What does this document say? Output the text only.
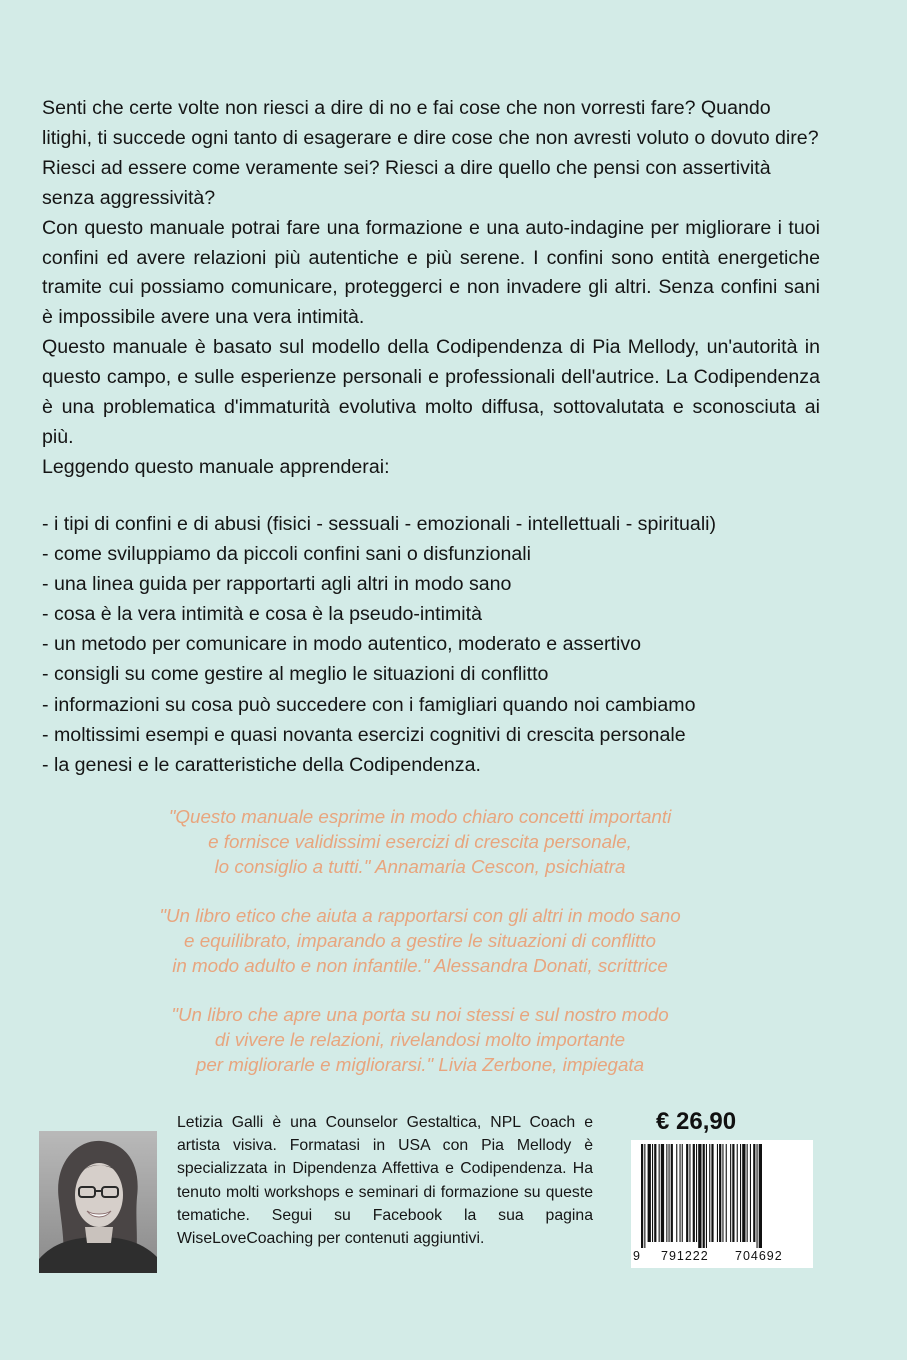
Senti che certe volte non riesci a dire di no e fai cose che non vorresti fare? Quando litighi, ti succede ogni tanto di esagerare e dire cose che non avresti voluto o dovuto dire? Riesci ad essere come veramente sei? Riesci a dire quello che pensi con assertività senza aggressività?

Con questo manuale potrai fare una formazione e una auto-indagine per migliorare i tuoi confini ed avere relazioni più autentiche e più serene. I confini sono entità energetiche tramite cui possiamo comunicare, proteggerci e non invadere gli altri. Senza confini sani è impossibile avere una vera intimità.

Questo manuale è basato sul modello della Codipendenza di Pia Mellody, un'autorità in questo campo, e sulle esperienze personali e professionali dell'autrice. La Codipendenza è una problematica d'immaturità evolutiva molto diffusa, sottovalutata e sconosciuta ai più.

Leggendo questo manuale apprenderai:

- i tipi di confini e di abusi (fisici - sessuali - emozionali - intellettuali - spirituali)
- come sviluppiamo da piccoli confini sani o disfunzionali
- una linea guida per rapportarti agli altri in modo sano
- cosa è la vera intimità e cosa è la pseudo-intimità
- un metodo per comunicare in modo autentico, moderato e assertivo
- consigli su come gestire al meglio le situazioni di conflitto
- informazioni su cosa può succedere con i famigliari quando noi cambiamo
- moltissimi esempi e quasi novanta esercizi cognitivi di crescita personale
- la genesi e le caratteristiche della Codipendenza.
"Questo manuale esprime in modo chiaro concetti importanti
e fornisce validissimi esercizi di crescita personale,
lo consiglio a tutti." Annamaria Cescon, psichiatra
"Un libro etico che aiuta a rapportarsi con gli altri in modo sano
e equilibrato, imparando a gestire le situazioni di conflitto
in modo adulto e non infantile." Alessandra Donati, scrittrice
"Un libro che apre una porta su noi stessi e sul nostro modo
di vivere le relazioni, rivelandosi molto importante
per migliorarle e migliorarsi." Livia Zerbone, impiegata

Letizia Galli è una Counselor Gestaltica, NPL Coach e artista visiva. Formatasi in USA con Pia Mellody è specializzata in Dipendenza Affettiva e Codipendenza. Ha tenuto molti workshops e seminari di formazione su queste tematiche. Segui su Facebook la sua pagina WiseLoveCoaching per contenuti aggiuntivi.

€ 26,90
9 791222 704692
